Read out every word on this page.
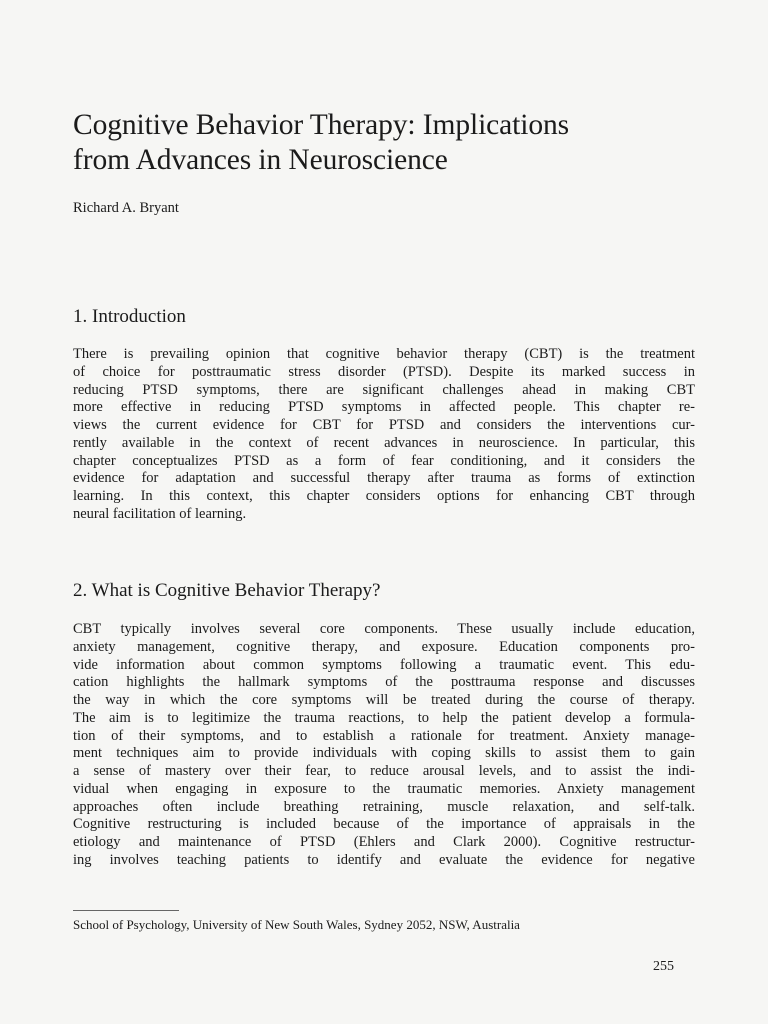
Cognitive Behavior Therapy: Implications
from Advances in Neuroscience
Richard A. Bryant
1. Introduction
There is prevailing opinion that cognitive behavior therapy (CBT) is the treatment
of choice for posttraumatic stress disorder (PTSD). Despite its marked success in
reducing PTSD symptoms, there are significant challenges ahead in making CBT
more effective in reducing PTSD symptoms in affected people. This chapter re-
views the current evidence for CBT for PTSD and considers the interventions cur-
rently available in the context of recent advances in neuroscience. In particular, this
chapter conceptualizes PTSD as a form of fear conditioning, and it considers the
evidence for adaptation and successful therapy after trauma as forms of extinction
learning. In this context, this chapter considers options for enhancing CBT through
neural facilitation of learning.
2. What is Cognitive Behavior Therapy?
CBT typically involves several core components. These usually include education,
anxiety management, cognitive therapy, and exposure. Education components pro-
vide information about common symptoms following a traumatic event. This edu-
cation highlights the hallmark symptoms of the posttrauma response and discusses
the way in which the core symptoms will be treated during the course of therapy.
The aim is to legitimize the trauma reactions, to help the patient develop a formula-
tion of their symptoms, and to establish a rationale for treatment. Anxiety manage-
ment techniques aim to provide individuals with coping skills to assist them to gain
a sense of mastery over their fear, to reduce arousal levels, and to assist the indi-
vidual when engaging in exposure to the traumatic memories. Anxiety management
approaches often include breathing retraining, muscle relaxation, and self-talk.
Cognitive restructuring is included because of the importance of appraisals in the
etiology and maintenance of PTSD (Ehlers and Clark 2000). Cognitive restructur-
ing involves teaching patients to identify and evaluate the evidence for negative
School of Psychology, University of New South Wales, Sydney 2052, NSW, Australia
255
